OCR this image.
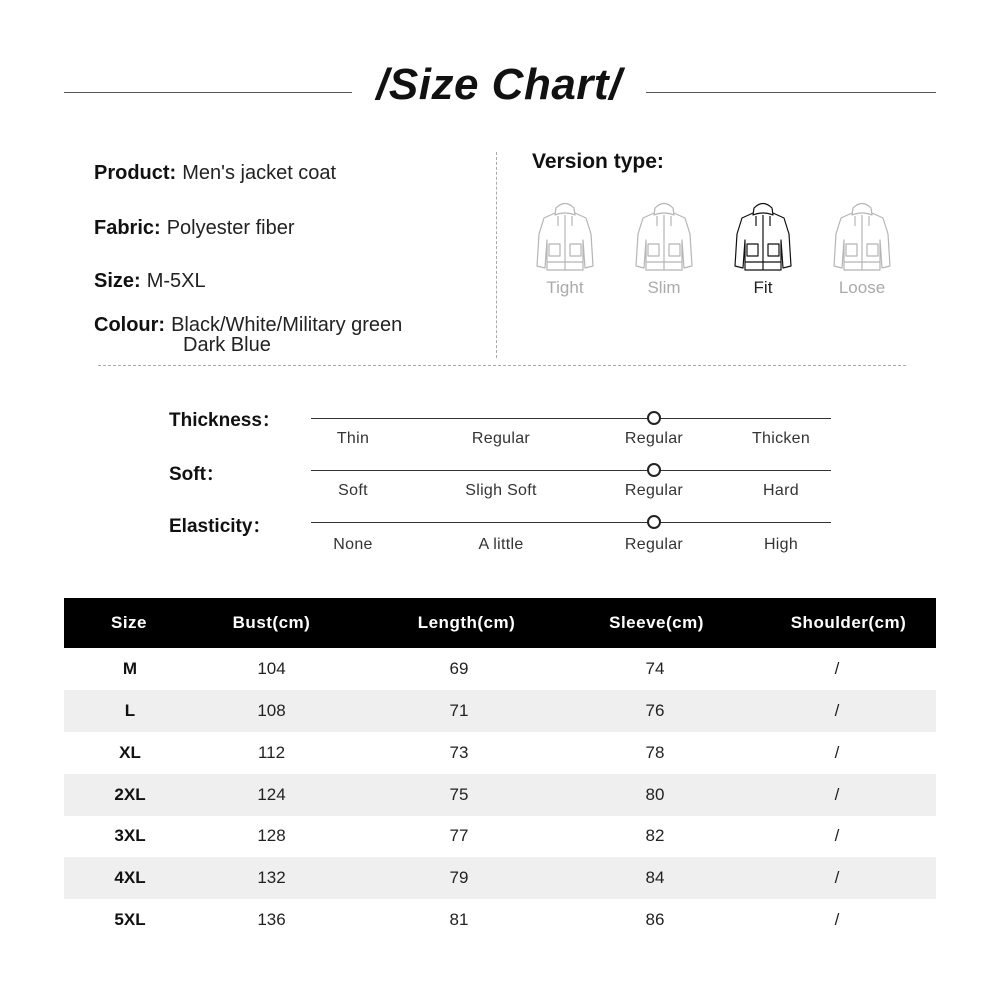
/Size Chart/
Product: Men's jacket coat
Fabric: Polyester fiber
Size: M-5XL
Colour: Black/White/Military green
Dark Blue
Version type:
Tight	Slim	Fit	Loose
Thickness：
Thin	Regular	Regular	Thicken
Soft：
Soft	Sligh Soft	Regular	Hard
Elasticity：
None	A little	Regular	High
Size	Bust(cm)	Length(cm)	Sleeve(cm)	Shoulder(cm)
M	104	69	74	/
L	108	71	76	/
XL	112	73	78	/
2XL	124	75	80	/
3XL	128	77	82	/
4XL	132	79	84	/
5XL	136	81	86	/
